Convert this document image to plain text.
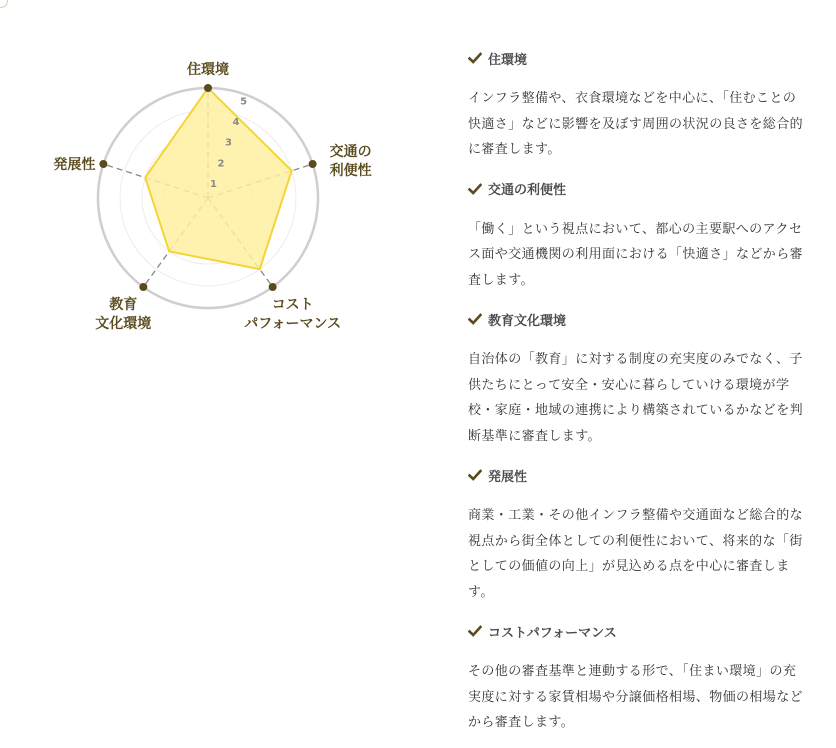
1
2
3
4
5
住環境
交通の利便性
コストパフォーマンス
教育文化環境
発展性
住環境

インフラ整備や、衣食環境などを中心に、「住むことの快適さ」などに影響を及ぼす周囲の状況の良さを総合的に審査します。

交通の利便性

「働く」という視点において、都心の主要駅へのアクセス面や交通機関の利用面における「快適さ」などから審査します。

教育文化環境

自治体の「教育」に対する制度の充実度のみでなく、子供たちにとって安全・安心に暮らしていける環境が学校・家庭・地域の連携により構築されているかなどを判断基準に審査します。

発展性

商業・工業・その他インフラ整備や交通面など総合的な視点から街全体としての利便性において、将来的な「街としての価値の向上」が見込める点を中心に審査します。

コストパフォーマンス

その他の審査基準と連動する形で、「住まい環境」の充実度に対する家賃相場や分譲価格相場、物価の相場などから審査します。
